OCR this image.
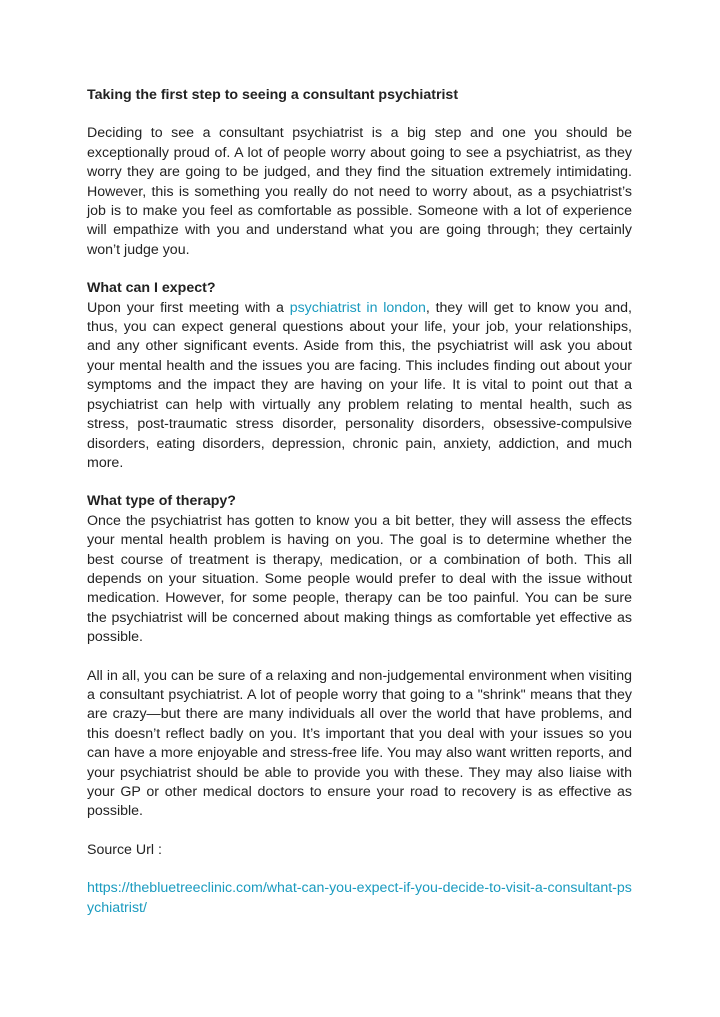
Taking the first step to seeing a consultant psychiatrist

Deciding to see a consultant psychiatrist is a big step and one you should be exceptionally proud of. A lot of people worry about going to see a psychiatrist, as they worry they are going to be judged, and they find the situation extremely intimidating. However, this is something you really do not need to worry about, as a psychiatrist’s job is to make you feel as comfortable as possible. Someone with a lot of experience will empathize with you and understand what you are going through; they certainly won’t judge you.

What can I expect?

Upon your first meeting with a psychiatrist in london, they will get to know you and, thus, you can expect general questions about your life, your job, your relationships, and any other significant events. Aside from this, the psychiatrist will ask you about your mental health and the issues you are facing. This includes finding out about your symptoms and the impact they are having on your life. It is vital to point out that a psychiatrist can help with virtually any problem relating to mental health, such as stress, post-traumatic stress disorder, personality disorders, obsessive-compulsive disorders, eating disorders, depression, chronic pain, anxiety, addiction, and much more.

What type of therapy?

Once the psychiatrist has gotten to know you a bit better, they will assess the effects your mental health problem is having on you. The goal is to determine whether the best course of treatment is therapy, medication, or a combination of both. This all depends on your situation. Some people would prefer to deal with the issue without medication. However, for some people, therapy can be too painful. You can be sure the psychiatrist will be concerned about making things as comfortable yet effective as possible.

All in all, you can be sure of a relaxing and non-judgemental environment when visiting a consultant psychiatrist. A lot of people worry that going to a "shrink" means that they are crazy—but there are many individuals all over the world that have problems, and this doesn’t reflect badly on you. It’s important that you deal with your issues so you can have a more enjoyable and stress-free life. You may also want written reports, and your psychiatrist should be able to provide you with these. They may also liaise with your GP or other medical doctors to ensure your road to recovery is as effective as possible.

Source Url :

https://thebluetreeclinic.com/what-can-you-expect-if-you-decide-to-visit-a-consultant-psychiatrist/
